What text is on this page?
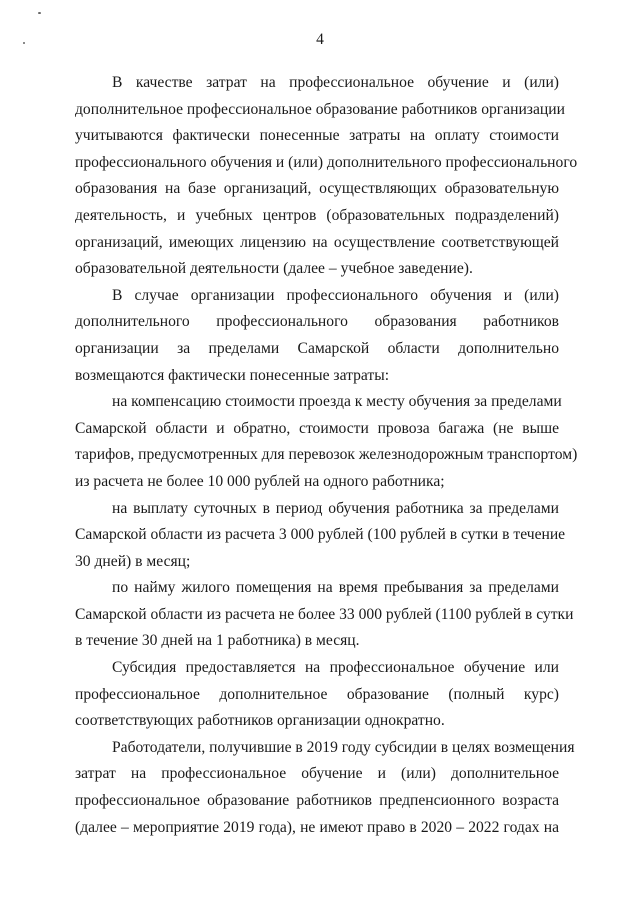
4
В качестве затрат на профессиональное обучение и (или)
дополнительное профессиональное образование работников организации
учитываются фактически понесенные затраты на оплату стоимости
профессионального обучения и (или) дополнительного профессионального
образования на базе организаций, осуществляющих образовательную
деятельность, и учебных центров (образовательных подразделений)
организаций, имеющих лицензию на осуществление соответствующей
образовательной деятельности (далее – учебное заведение).
В случае организации профессионального обучения и (или)
дополнительного профессионального образования работников
организации за пределами Самарской области дополнительно
возмещаются фактически понесенные затраты:
на компенсацию стоимости проезда к месту обучения за пределами
Самарской области и обратно, стоимости провоза багажа (не выше
тарифов, предусмотренных для перевозок железнодорожным транспортом)
из расчета не более 10 000 рублей на одного работника;
на выплату суточных в период обучения работника за пределами
Самарской области из расчета 3 000 рублей (100 рублей в сутки в течение
30 дней) в месяц;
по найму жилого помещения на время пребывания за пределами
Самарской области из расчета не более 33 000 рублей (1100 рублей в сутки
в течение 30 дней на 1 работника) в месяц.
Субсидия предоставляется на профессиональное обучение или
профессиональное дополнительное образование (полный курс)
соответствующих работников организации однократно.
Работодатели, получившие в 2019 году субсидии в целях возмещения
затрат на профессиональное обучение и (или) дополнительное
профессиональное образование работников предпенсионного возраста
(далее – мероприятие 2019 года), не имеют право в 2020 – 2022 годах на
